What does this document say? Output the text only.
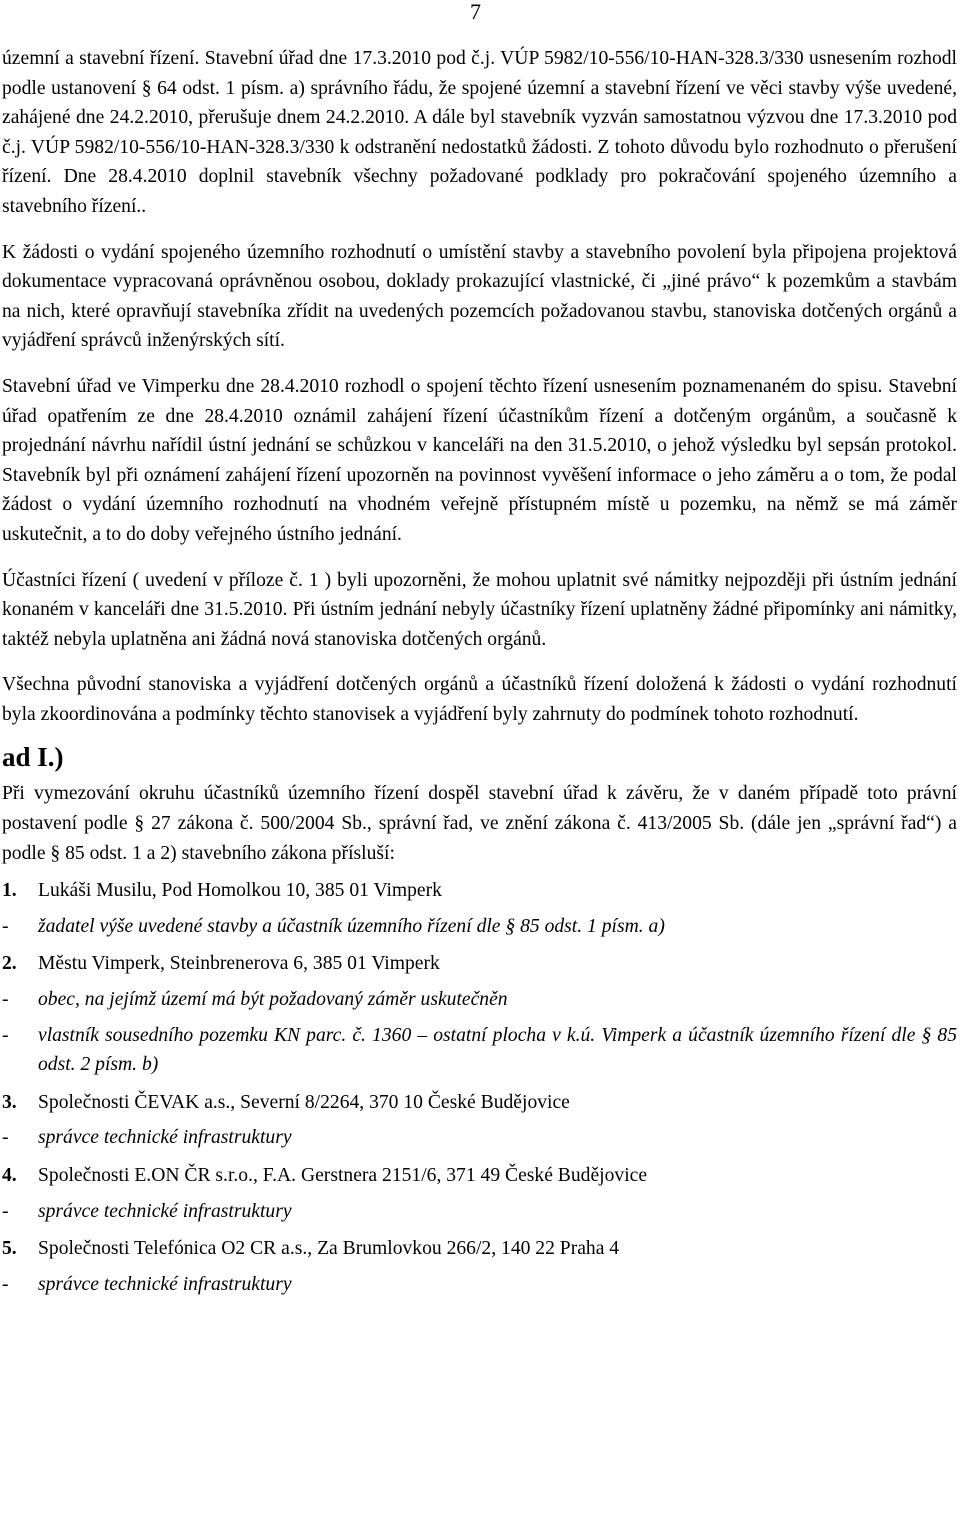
7

územní a stavební řízení. Stavební úřad dne 17.3.2010 pod č.j. VÚP 5982/10-556/10-HAN-328.3/330 usnesením rozhodl podle ustanovení § 64 odst. 1 písm. a) správního řádu, že spojené územní a stavební řízení ve věci stavby výše uvedené, zahájené dne 24.2.2010, přerušuje dnem 24.2.2010. A dále byl stavebník vyzván samostatnou výzvou dne 17.3.2010 pod č.j. VÚP 5982/10-556/10-HAN-328.3/330 k odstranění nedostatků žádosti. Z tohoto důvodu bylo rozhodnuto o přerušení řízení. Dne 28.4.2010 doplnil stavebník všechny požadované podklady pro pokračování spojeného územního a stavebního řízení..

K žádosti o vydání spojeného územního rozhodnutí o umístění stavby a stavebního povolení byla připojena projektová dokumentace vypracovaná oprávněnou osobou, doklady prokazující vlastnické, či „jiné právo“ k pozemkům a stavbám na nich, které opravňují stavebníka zřídit na uvedených pozemcích požadovanou stavbu, stanoviska dotčených orgánů a vyjádření správců inženýrských sítí.

Stavební úřad ve Vimperku dne 28.4.2010 rozhodl o spojení těchto řízení usnesením poznamenaném do spisu. Stavební úřad opatřením ze dne 28.4.2010 oznámil zahájení řízení účastníkům řízení a dotčeným orgánům, a současně k projednání návrhu nařídil ústní jednání se schůzkou v kanceláři na den 31.5.2010, o jehož výsledku byl sepsán protokol. Stavebník byl při oznámení zahájení řízení upozorněn na povinnost vyvěšení informace o jeho záměru a o tom, že podal žádost o vydání územního rozhodnutí na vhodném veřejně přístupném místě u pozemku, na němž se má záměr uskutečnit, a to do doby veřejného ústního jednání.

Účastníci řízení ( uvedení v příloze č. 1 ) byli upozorněni, že mohou uplatnit své námitky nejpozději při ústním jednání konaném v kanceláři dne 31.5.2010. Při ústním jednání nebyly účastníky řízení uplatněny žádné připomínky ani námitky, taktéž nebyla uplatněna ani žádná nová stanoviska dotčených orgánů.

Všechna původní stanoviska a vyjádření dotčených orgánů a účastníků řízení doložená k žádosti o vydání rozhodnutí byla zkoordinována a podmínky těchto stanovisek a vyjádření byly zahrnuty do podmínek tohoto rozhodnutí.

ad I.)

Při vymezování okruhu účastníků územního řízení dospěl stavební úřad k závěru, že v daném případě toto právní postavení podle § 27 zákona č. 500/2004 Sb., správní řad, ve znění zákona č. 413/2005 Sb. (dále jen „správní řad“) a podle § 85 odst. 1 a 2) stavebního zákona přísluší:

1.	Lukáši Musilu, Pod Homolkou 10, 385 01 Vimperk
-	žadatel výše uvedené stavby a účastník územního řízení dle § 85 odst. 1 písm. a)
2.	Městu Vimperk, Steinbrenerova 6, 385 01 Vimperk
-	obec, na jejímž území má být požadovaný záměr uskutečněn
-	vlastník sousedního pozemku KN parc. č. 1360 – ostatní plocha v k.ú. Vimperk a účastník územního řízení dle § 85 odst. 2 písm. b)
3.	Společnosti ČEVAK a.s., Severní 8/2264, 370 10 České Budějovice
-	správce technické infrastruktury
4.	Společnosti E.ON ČR s.r.o., F.A. Gerstnera 2151/6, 371 49 České Budějovice
-	správce technické infrastruktury
5.	Společnosti Telefónica O2 CR a.s., Za Brumlovkou 266/2, 140 22 Praha 4
-	správce technické infrastruktury
